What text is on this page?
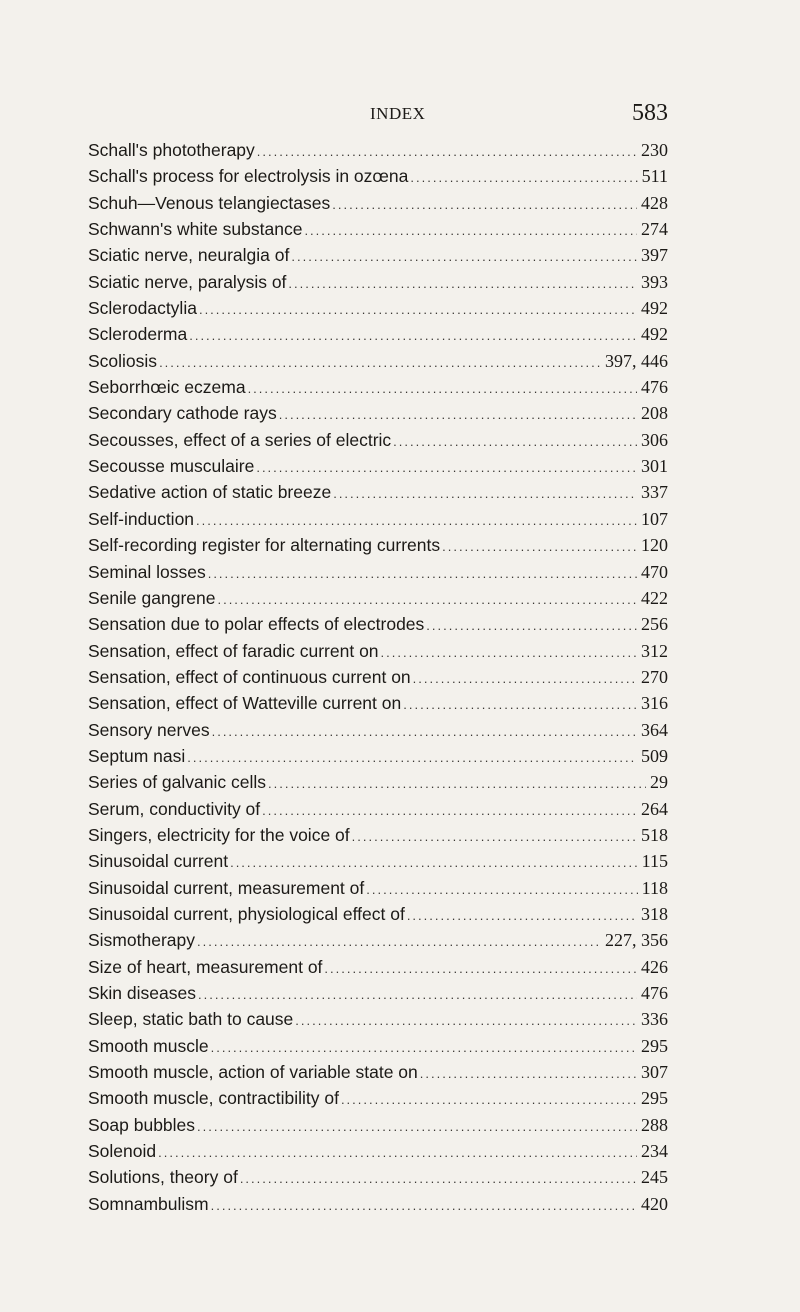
INDEX	583
Schall's phototherapy .....	230
Schall's process for electrolysis in ozœna .....	511
Schuh—Venous telangiectases .....	428
Schwann's white substance .....	274
Sciatic nerve, neuralgia of .....	397
Sciatic nerve, paralysis of .....	393
Sclerodactylia .....	492
Scleroderma .....	492
Scoliosis .....	397, 446
Seborrhœic eczema .....	476
Secondary cathode rays .....	208
Secousses, effect of a series of electric .....	306
Secousse musculaire .....	301
Sedative action of static breeze .....	337
Self-induction .....	107
Self-recording register for alternating currents .....	120
Seminal losses .....	470
Senile gangrene .....	422
Sensation due to polar effects of electrodes .....	256
Sensation, effect of faradic current on .....	312
Sensation, effect of continuous current on .....	270
Sensation, effect of Watteville current on .....	316
Sensory nerves .....	364
Septum nasi .....	509
Series of galvanic cells .....	29
Serum, conductivity of .....	264
Singers, electricity for the voice of .....	518
Sinusoidal current .....	115
Sinusoidal current, measurement of .....	118
Sinusoidal current, physiological effect of .....	318
Sismotherapy .....	227, 356
Size of heart, measurement of .....	426
Skin diseases .....	476
Sleep, static bath to cause .....	336
Smooth muscle .....	295
Smooth muscle, action of variable state on .....	307
Smooth muscle, contractibility of .....	295
Soap bubbles .....	288
Solenoid .....	234
Solutions, theory of .....	245
Somnambulism .....	420
